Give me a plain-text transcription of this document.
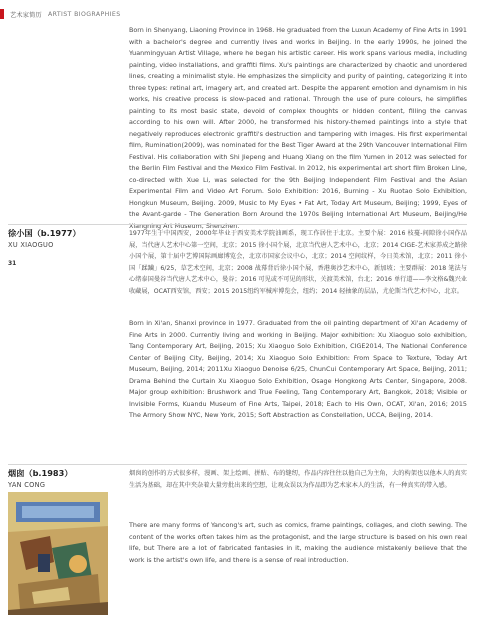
艺术家简历 ARTIST BIOGRAPHIES

Born in Shenyang, Liaoning Province in 1968. He graduated from the Luxun Academy of Fine Arts in 1991 with a bachelor's degree and currently lives and works in Beijing. In the early 1990s, he joined the Yuanmingyuan Artist Village, where he began his artistic career. His work spans various media, including painting, video installations, and graffiti films. Xu's paintings are characterized by chaotic and unordered lines, creating a minimalist style. He emphasizes the simplicity and purity of painting, categorizing it into three types: retinal art, imagery art, and created art. Despite the apparent emotion and dynamism in his works, his creative process is slow-paced and rational. Through the use of pure colours, he simplifies painting to its most basic state, devoid of complex thoughts or hidden content, filling the canvas according to his own will. After 2000, he transformed his history-themed paintings into a style that negatively reproduces electronic graffiti's destruction and tampering with images. His first experimental film, Rumination(2009), was nominated for the Best Tiger Award at the 29th Vancouver International Film Festival. His collaboration with Shi Jiepeng and Huang Xiang on the film Yumen in 2012 was selected for the Berlin Film Festival and the Mexico Film Festival. In 2012, his experimental art short film Broken Line, co-directed with Xue Li, was selected for the 9th Beijing Independent Film Festival and the Asian Experimental Film and Video Art Forum. Solo Exhibition: 2016, Burning - Xu Ruotao Solo Exhibition, Hongkun Museum, Beijing. 2009, Music to My Eyes • Fat Art, Today Art Museum, Beijing; 1999, Eyes of the Avant-garde - The Generation Born Around the 1970s Beijing International Art Museum, Beijing/He Xiangning Art Museum, Shenzhen.

徐小国（b.1977）
XU XIAOGUO
31

1977年生于中国西安，2000年毕业于西安美术学院油画系，现工作居住于北京。主要个展：2016 枝蔓-间隙徐小国作品展，当代唐人艺术中心第一空间，北京；2015 徐小国个展，北京当代唐人艺术中心，北京；2014 CIGE-艺术家养成之路徐小国个展，第十届中艺博国际画廊博览会，北京市国家会议中心，北京；2014 空间纹样，今日美术馆，北京；2011 徐小国「蹂躏」6/25，草艺术空间，北京；2008 战幕背后徐小国个展，香港奥沙艺术中心，新加坡；主要群展：2018 笔法与心绪泰国曼谷当代唐人艺术中心，曼谷；2016 可见或不可见的形状，关渡美术馆，台北；2016 单行道——李文格&魏兴业收藏展，OCAT西安馆，西安；2015 2015纽约军械库博览会，纽约；2014 轻抽象的层品，尤伦斯当代艺术中心，北京。

Born in Xi'an, Shanxi province in 1977. Graduated from the oil painting department of Xi'an Academy of Fine Arts in 2000. Currently living and working in Beijing. Major exhibition: Xu Xiaoguo solo exhibition, Tang Contemporary Art, Beijing, 2015; Xu Xiaoguo Solo Exhibition, CIGE2014, The National Conference Center of Beijing City, Beijing, 2014; Xu Xiaoguo Solo Exhibition: From Space to Texture, Today Art Museum, Beijing, 2014; 2011Xu Xiaoguo Denoise 6/25, ChunCui Contemporary Art Space, Beijing, 2011; Drama Behind the Curtain Xu Xiaoguo Solo Exhibition, Osage Hongkong Arts Center, Singapore, 2008. Major group exhibition: Brushwork and True Feeling, Tang Contemporary Art, Bangkok, 2018; Visible or Invisible Forms, Kuandu Museum of Fine Arts, Taipei, 2018; Each to His Own, OCAT, Xi'an, 2016; 2015 The Armory Show NYC, New York, 2015; Soft Abstraction as Constellation, UCCA, Beijing, 2014.

烟囱（b.1983）
YAN CONG

烟囱的创作的方式很多样，漫画、架上绘画、拼贴、布的缝纫，作品内容往往以他自己为主角，大的构架也以他本人的真实生活为基础，却在其中夹杂着大量旁批出来的空想，让观众误以为作品即为艺术家本人的生活，有一种真实的带入感。

There are many forms of Yancong's art, such as comics, frame paintings, collages, and cloth sewing. The content of the works often takes him as the protagonist, and the large structure is based on his own real life, but There are a lot of fabricated fantasies in it, making the audience mistakenly believe that the work is the artist's own life, and there is a sense of real introduction.
